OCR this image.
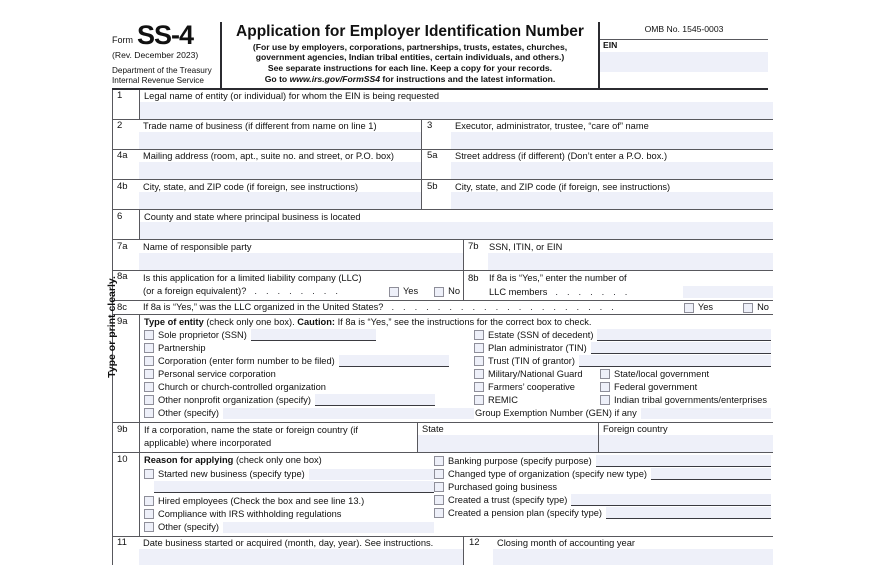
Form SS-4
(Rev. December 2023)
Department of the Treasury
Internal Revenue Service
Application for Employer Identification Number
(For use by employers, corporations, partnerships, trusts, estates, churches,
government agencies, Indian tribal entities, certain individuals, and others.)
See separate instructions for each line. Keep a copy for your records.
Go to www.irs.gov/FormSS4 for instructions and the latest information.
OMB No. 1545-0003
EIN
Type or print clearly.
1	Legal name of entity (or individual) for whom the EIN is being requested
2	Trade name of business (if different from name on line 1)	3	Executor, administrator, trustee, “care of” name
4a	Mailing address (room, apt., suite no. and street, or P.O. box)	5a	Street address (if different) (Don’t enter a P.O. box.)
4b	City, state, and ZIP code (if foreign, see instructions)	5b	City, state, and ZIP code (if foreign, see instructions)
6	County and state where principal business is located
7a	Name of responsible party	7b	SSN, ITIN, or EIN
8a	Is this application for a limited liability company (LLC)
(or a foreign equivalent)? . . . . . . . .	Yes	No
8b	If 8a is “Yes,” enter the number of
LLC members . . . . . . .
8c	If 8a is “Yes,” was the LLC organized in the United States? . . . . . . . . . . . . . . . . . . . .	Yes	No
9a	Type of entity (check only one box). Caution: If 8a is “Yes,” see the instructions for the correct box to check.
Sole proprietor (SSN)
Partnership
Corporation (enter form number to be filed)
Personal service corporation
Church or church-controlled organization
Other nonprofit organization (specify)
Other (specify)
Estate (SSN of decedent)
Plan administrator (TIN)
Trust (TIN of grantor)
Military/National Guard	State/local government
Farmers’ cooperative	Federal government
REMIC	Indian tribal governments/enterprises
Group Exemption Number (GEN) if any
9b	If a corporation, name the state or foreign country (if
applicable) where incorporated
State	Foreign country
10	Reason for applying (check only one box)
Started new business (specify type)
Hired employees (Check the box and see line 13.)
Compliance with IRS withholding regulations
Other (specify)
Banking purpose (specify purpose)
Changed type of organization (specify new type)
Purchased going business
Created a trust (specify type)
Created a pension plan (specify type)
11	Date business started or acquired (month, day, year). See instructions.	12	Closing month of accounting year
